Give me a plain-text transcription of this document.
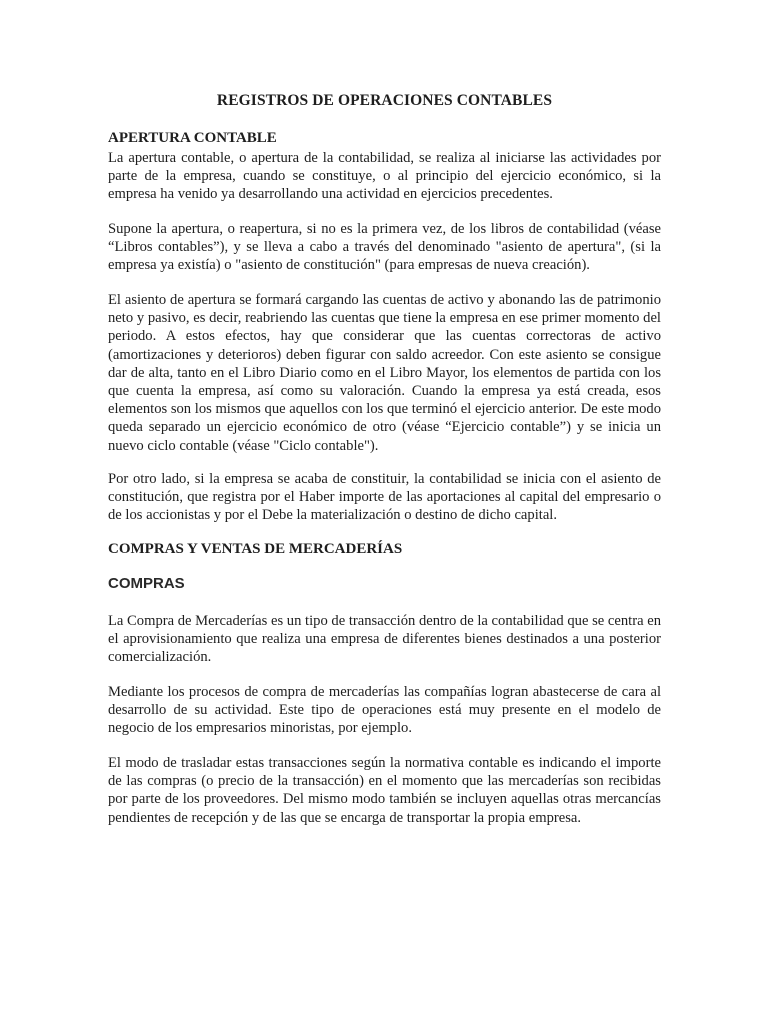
REGISTROS DE OPERACIONES CONTABLES
APERTURA CONTABLE

La apertura contable, o apertura de la contabilidad, se realiza al iniciarse las actividades por parte de la empresa, cuando se constituye, o al principio del ejercicio económico, si la empresa ha venido ya desarrollando una actividad en ejercicios precedentes.

Supone la apertura, o reapertura, si no es la primera vez, de los libros de contabilidad (véase “Libros contables”), y se lleva a cabo a través del denominado "asiento de apertura", (si la empresa ya existía) o "asiento de constitución" (para empresas de nueva creación).

El asiento de apertura se formará cargando las cuentas de activo y abonando las de patrimonio neto y pasivo, es decir, reabriendo las cuentas que tiene la empresa en ese primer momento del periodo. A estos efectos, hay que considerar que las cuentas correctoras de activo (amortizaciones y deterioros) deben figurar con saldo acreedor. Con este asiento se consigue dar de alta, tanto en el Libro Diario como en el Libro Mayor, los elementos de partida con los que cuenta la empresa, así como su valoración. Cuando la empresa ya está creada, esos elementos son los mismos que aquellos con los que terminó el ejercicio anterior. De este modo queda separado un ejercicio económico de otro (véase “Ejercicio contable”) y se inicia un nuevo ciclo contable (véase "Ciclo contable").

Por otro lado, si la empresa se acaba de constituir, la contabilidad se inicia con el asiento de constitución, que registra por el Haber importe de las aportaciones al capital del empresario o de los accionistas y por el Debe la materialización o destino de dicho capital.

COMPRAS Y VENTAS DE MERCADERÍAS
COMPRAS

La Compra de Mercaderías es un tipo de transacción dentro de la contabilidad que se centra en el aprovisionamiento que realiza una empresa de diferentes bienes destinados a una posterior comercialización.

Mediante los procesos de compra de mercaderías las compañías logran abastecerse de cara al desarrollo de su actividad. Este tipo de operaciones está muy presente en el modelo de negocio de los empresarios minoristas, por ejemplo.

El modo de trasladar estas transacciones según la normativa contable es indicando el importe de las compras (o precio de la transacción) en el momento que las mercaderías son recibidas por parte de los proveedores. Del mismo modo también se incluyen aquellas otras mercancías pendientes de recepción y de las que se encarga de transportar la propia empresa.
